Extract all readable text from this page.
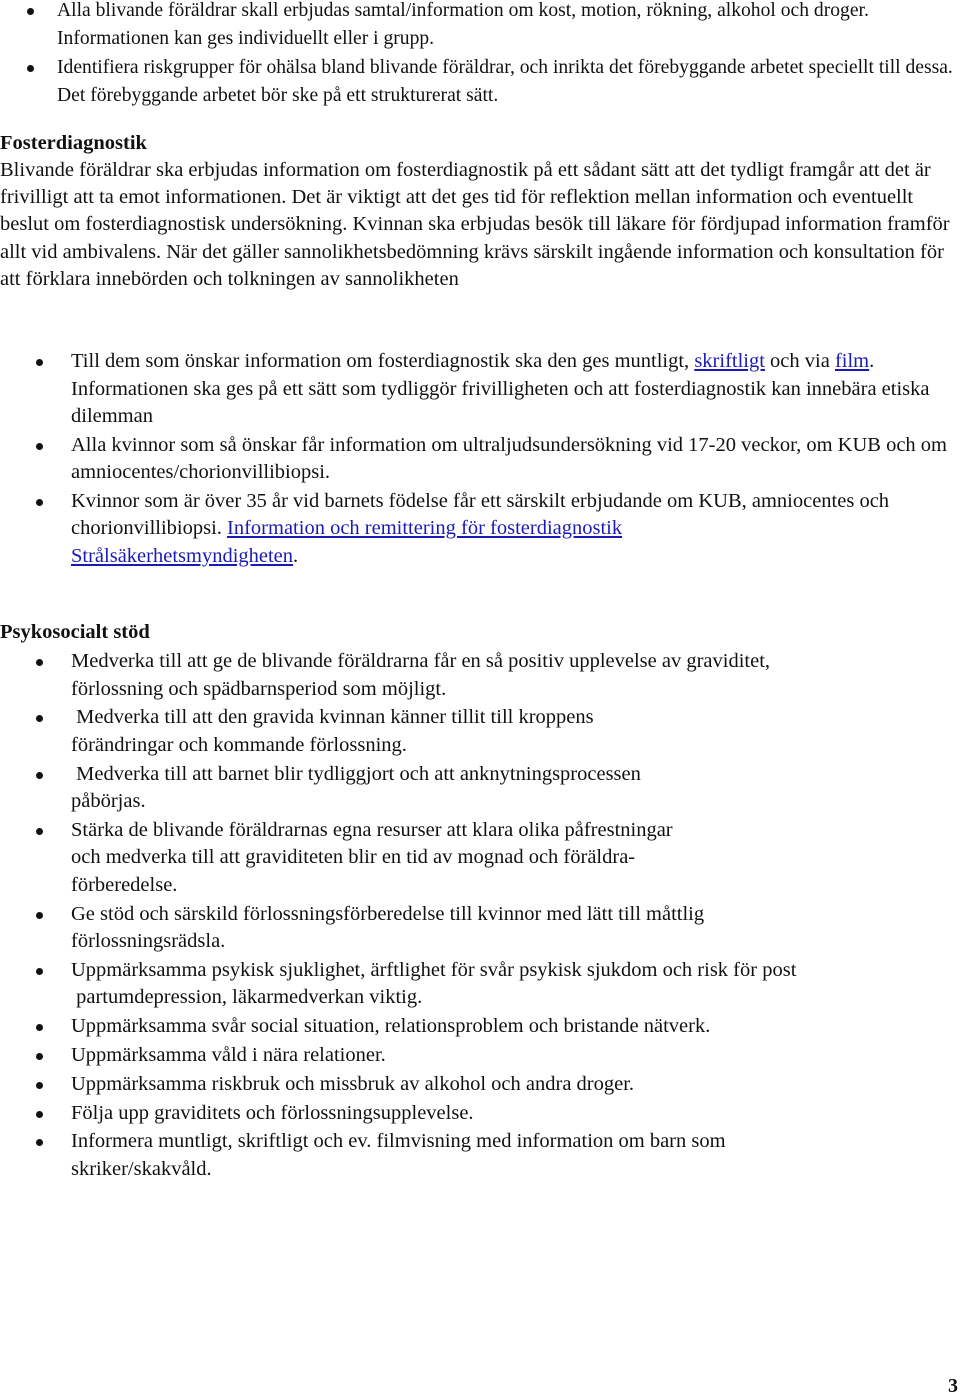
Alla blivande föräldrar skall erbjudas samtal/information om kost, motion, rökning, alkohol och droger. Informationen kan ges individuellt eller i grupp.
Identifiera riskgrupper för ohälsa bland blivande föräldrar, och inrikta det förebyggande arbetet speciellt till dessa. Det förebyggande arbetet bör ske på ett strukturerat sätt.
Fosterdiagnostik
Blivande föräldrar ska erbjudas information om fosterdiagnostik på ett sådant sätt att det tydligt framgår att det är frivilligt att ta emot informationen. Det är viktigt att det ges tid för reflektion mellan information och eventuellt beslut om fosterdiagnostisk undersökning. Kvinnan ska erbjudas besök till läkare för fördjupad information framför allt vid ambivalens. När det gäller sannolikhetsbedömning krävs särskilt ingående information och konsultation för att förklara innebörden och tolkningen av sannolikheten
Till dem som önskar information om fosterdiagnostik ska den ges muntligt, skriftligt och via film. Informationen ska ges på ett sätt som tydliggör frivilligheten och att fosterdiagnostik kan innebära etiska dilemman
Alla kvinnor som så önskar får information om ultraljudsundersökning vid 17-20 veckor, om KUB och om amniocentes/chorionvillibiopsi.
Kvinnor som är över 35 år vid barnets födelse får ett särskilt erbjudande om KUB, amniocentes och chorionvillibiopsi. Information och remittering för fosterdiagnostik
Strålsäkerhetsmyndigheten.
Psykosocialt stöd
Medverka till att ge de blivande föräldrarna får en så positiv upplevelse av graviditet,
förlossning och spädbarnsperiod som möjligt.
Medverka till att den gravida kvinnan känner tillit till kroppens
förändringar och kommande förlossning.
Medverka till att barnet blir tydliggjort och att anknytningsprocessen
påbörjas.
Stärka de blivande föräldrarnas egna resurser att klara olika påfrestningar
och medverka till att graviditeten blir en tid av mognad och föräldra-
förberedelse.
Ge stöd och särskild förlossningsförberedelse till kvinnor med lätt till måttlig
förlossningsrädsla.
Uppmärksamma psykisk sjuklighet, ärftlighet för svår psykisk sjukdom och risk för post
partumdepression, läkarmedverkan viktig.
Uppmärksamma svår social situation, relationsproblem och bristande nätverk.
Uppmärksamma våld i nära relationer.
Uppmärksamma riskbruk och missbruk av alkohol och andra droger.
Följa upp graviditets och förlossningsupplevelse.
Informera muntligt, skriftligt och ev. filmvisning med information om barn som
skriker/skakvåld.
3
